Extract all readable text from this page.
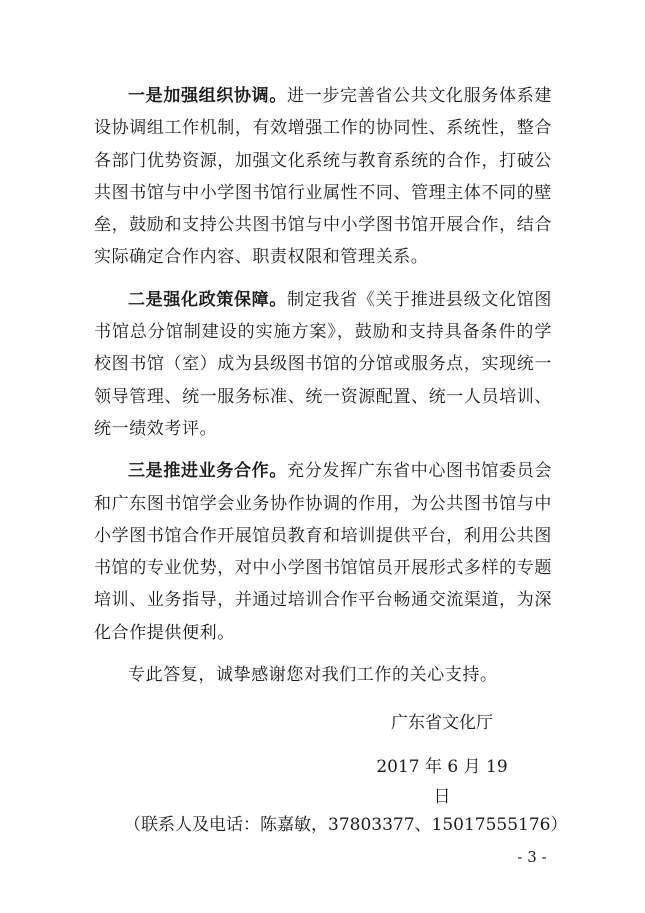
一是加强组织协调。进一步完善省公共文化服务体系建设协调组工作机制，有效增强工作的协同性、系统性，整合各部门优势资源，加强文化系统与教育系统的合作，打破公共图书馆与中小学图书馆行业属性不同、管理主体不同的壁垒，鼓励和支持公共图书馆与中小学图书馆开展合作，结合实际确定合作内容、职责权限和管理关系。

二是强化政策保障。制定我省《关于推进县级文化馆图书馆总分馆制建设的实施方案》，鼓励和支持具备条件的学校图书馆（室）成为县级图书馆的分馆或服务点，实现统一领导管理、统一服务标准、统一资源配置、统一人员培训、统一绩效考评。

三是推进业务合作。充分发挥广东省中心图书馆委员会和广东图书馆学会业务协作协调的作用，为公共图书馆与中小学图书馆合作开展馆员教育和培训提供平台，利用公共图书馆的专业优势，对中小学图书馆馆员开展形式多样的专题培训、业务指导，并通过培训合作平台畅通交流渠道，为深化合作提供便利。

专此答复，诚挚感谢您对我们工作的关心支持。

广东省文化厅
2017 年 6 月 19 日
（联系人及电话：陈嘉敏，37803377、15017555176）
- 3 -
